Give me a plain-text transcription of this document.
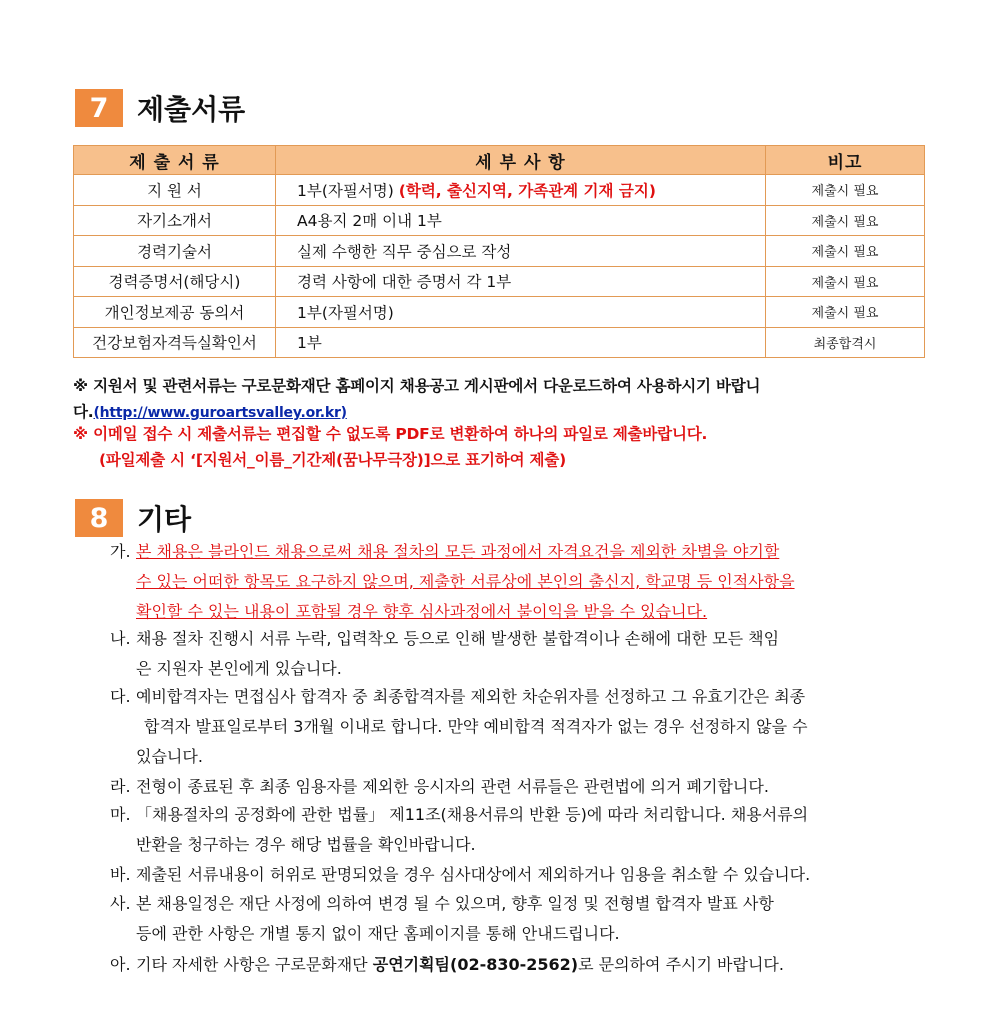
7	제출서류
제 출 서 류	세 부 사 항	비고
지 원 서	1부(자필서명) (학력, 출신지역, 가족관계 기재 금지)	제출시 필요
자기소개서	A4용지 2매 이내 1부	제출시 필요
경력기술서	실제 수행한 직무 중심으로 작성	제출시 필요
경력증명서(해당시)	경력 사항에 대한 증명서 각 1부	제출시 필요
개인정보제공 동의서	1부(자필서명)	제출시 필요
건강보험자격득실확인서	1부	최종합격시
※ 지원서 및 관련서류는 구로문화재단 홈페이지 채용공고 게시판에서 다운로드하여 사용하시기 바랍니
다.(http://www.guroartsvalley.or.kr)
※ 이메일 접수 시 제출서류는 편집할 수 없도록 PDF로 변환하여 하나의 파일로 제출바랍니다.
(파일제출 시 ‘[지원서_이름_기간제(꿈나무극장)]으로 표기하여 제출)
8	기타
가. 본 채용은 블라인드 채용으로써 채용 절차의 모든 과정에서 자격요건을 제외한 차별을 야기할
수 있는 어떠한 항목도 요구하지 않으며, 제출한 서류상에 본인의 출신지, 학교명 등 인적사항을
확인할 수 있는 내용이 포함될 경우 향후 심사과정에서 불이익을 받을 수 있습니다.
나. 채용 절차 진행시 서류 누락, 입력착오 등으로 인해 발생한 불합격이나 손해에 대한 모든 책임
은 지원자 본인에게 있습니다.
다. 예비합격자는 면접심사 합격자 중 최종합격자를 제외한 차순위자를 선정하고 그 유효기간은 최종
합격자 발표일로부터 3개월 이내로 합니다. 만약 예비합격 적격자가 없는 경우 선정하지 않을 수
있습니다.
라. 전형이 종료된 후 최종 임용자를 제외한 응시자의 관련 서류들은 관련법에 의거 폐기합니다.
마. 「채용절차의 공정화에 관한 법률」 제11조(채용서류의 반환 등)에 따라 처리합니다. 채용서류의
반환을 청구하는 경우 해당 법률을 확인바랍니다.
바. 제출된 서류내용이 허위로 판명되었을 경우 심사대상에서 제외하거나 임용을 취소할 수 있습니다.
사. 본 채용일정은 재단 사정에 의하여 변경 될 수 있으며, 향후 일정 및 전형별 합격자 발표 사항
등에 관한 사항은 개별 통지 없이 재단 홈페이지를 통해 안내드립니다.
아. 기타 자세한 사항은 구로문화재단 공연기획팀(02-830-2562)로 문의하여 주시기 바랍니다.
